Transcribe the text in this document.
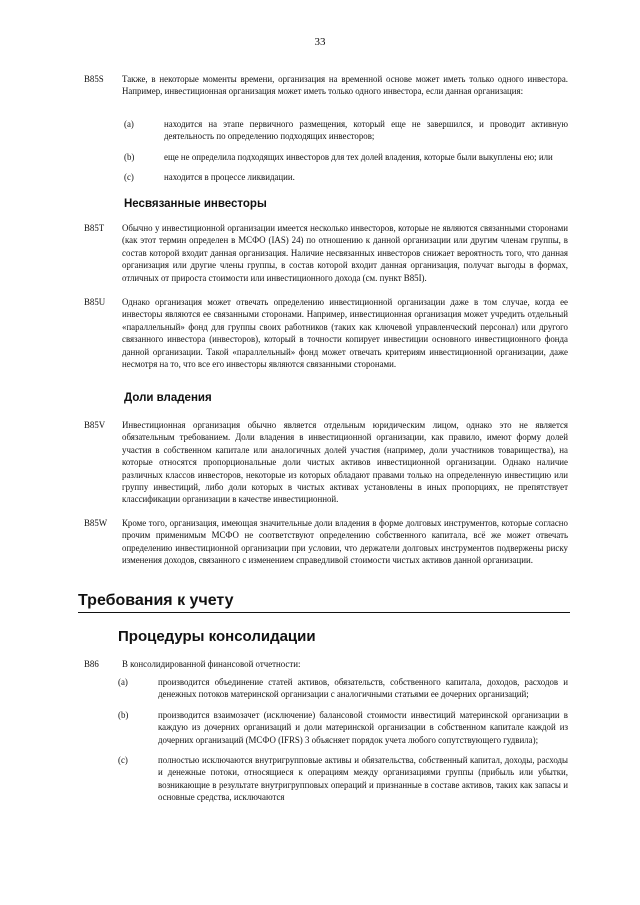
33
B85S	Также, в некоторые моменты времени, организация на временной основе может иметь только одного инвестора. Например, инвестиционная организация может иметь только одного инвестора, если данная организация:
(а)	находится на этапе первичного размещения, который еще не завершился, и проводит активную деятельность по определению подходящих инвесторов;
(b)	еще не определила подходящих инвесторов для тех долей владения, которые были выкуплены ею; или
(c)	находится в процессе ликвидации.
Несвязанные инвесторы
B85T	Обычно у инвестиционной организации имеется несколько инвесторов, которые не являются связанными сторонами (как этот термин определен в МСФО (IAS) 24) по отношению к данной организации или другим членам группы, в состав которой входит данная организация. Наличие несвязанных инвесторов снижает вероятность того, что данная организация или другие члены группы, в состав которой входит данная организация, получат выгоды в формах, отличных от прироста стоимости или инвестиционного дохода (см. пункт B85I).
B85U	Однако организация может отвечать определению инвестиционной организации даже в том случае, когда ее инвесторы являются ее связанными сторонами. Например, инвестиционная организация может учредить отдельный «параллельный» фонд для группы своих работников (таких как ключевой управленческий персонал) или другого связанного инвестора (инвесторов), который в точности копирует инвестиции основного инвестиционного фонда данной организации. Такой «параллельный» фонд может отвечать критериям инвестиционной организации, даже несмотря на то, что все его инвесторы являются связанными сторонами.
Доли владения
B85V	Инвестиционная организация обычно является отдельным юридическим лицом, однако это не является обязательным требованием. Доли владения в инвестиционной организации, как правило, имеют форму долей участия в собственном капитале или аналогичных долей участия (например, доли участников товарищества), на которые относятся пропорциональные доли чистых активов инвестиционной организации. Однако наличие различных классов инвесторов, некоторые из которых обладают правами только на определенную инвестицию или группу инвестиций, либо доли которых в чистых активах установлены в иных пропорциях, не препятствует классификации организации в качестве инвестиционной.
B85W	Кроме того, организация, имеющая значительные доли владения в форме долговых инструментов, которые согласно прочим применимым МСФО не соответствуют определению собственного капитала, всё же может отвечать определению инвестиционной организации при условии, что держатели долговых инструментов подвержены риску изменения доходов, связанного с изменением справедливой стоимости чистых активов данной организации.
Требования к учету
Процедуры консолидации
B86	В консолидированной финансовой отчетности:
(а)	производится объединение статей активов, обязательств, собственного капитала, доходов, расходов и денежных потоков материнской организации с аналогичными статьями ее дочерних организаций;
(b)	производится взаимозачет (исключение) балансовой стоимости инвестиций материнской организации в каждую из дочерних организаций и доли материнской организации в собственном капитале каждой из дочерних организаций (МСФО (IFRS) 3 объясняет порядок учета любого сопутствующего гудвила);
(c)	полностью исключаются внутригрупповые активы и обязательства, собственный капитал, доходы, расходы и денежные потоки, относящиеся к операциям между организациями группы (прибыль или убытки, возникающие в результате внутригрупповых операций и признанные в составе активов, таких как запасы и основные средства, исключаются
